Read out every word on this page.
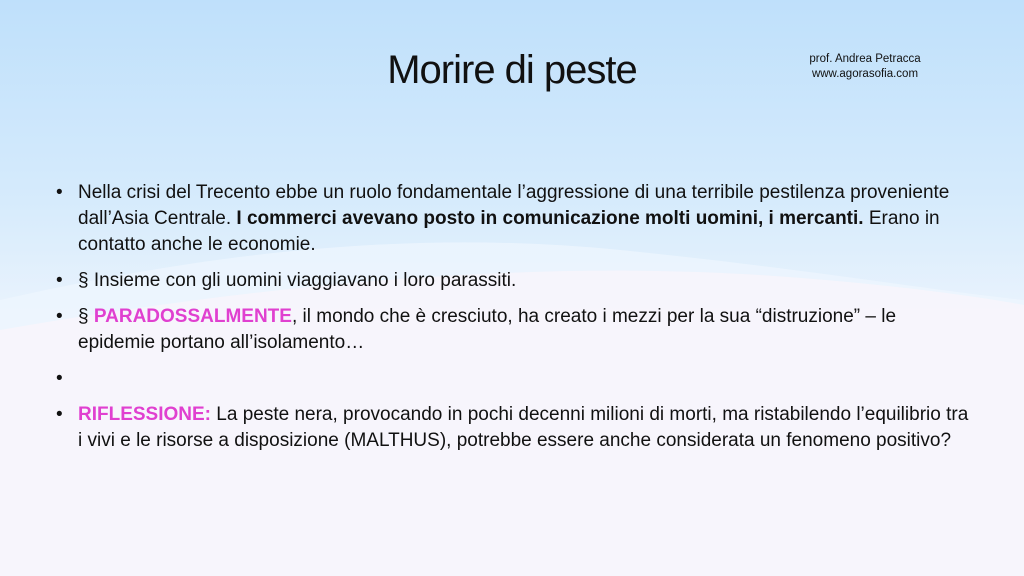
Morire di peste	prof. Andrea Petracca
www.agorasofia.com
• Nella crisi del Trecento ebbe un ruolo fondamentale l’aggressione di una terribile pestilenza proveniente dall’Asia Centrale. I commerci avevano posto in comunicazione molti uomini, i mercanti. Erano in contatto anche le economie.
• § Insieme con gli uomini viaggiavano i loro parassiti.
• § PARADOSSALMENTE, il mondo che è cresciuto, ha creato i mezzi per la sua “distruzione” – le epidemie portano all’isolamento…
•
• RIFLESSIONE: La peste nera, provocando in pochi decenni milioni di morti, ma ristabilendo l’equilibrio tra i vivi e le risorse a disposizione (MALTHUS), potrebbe essere anche considerata un fenomeno positivo?
